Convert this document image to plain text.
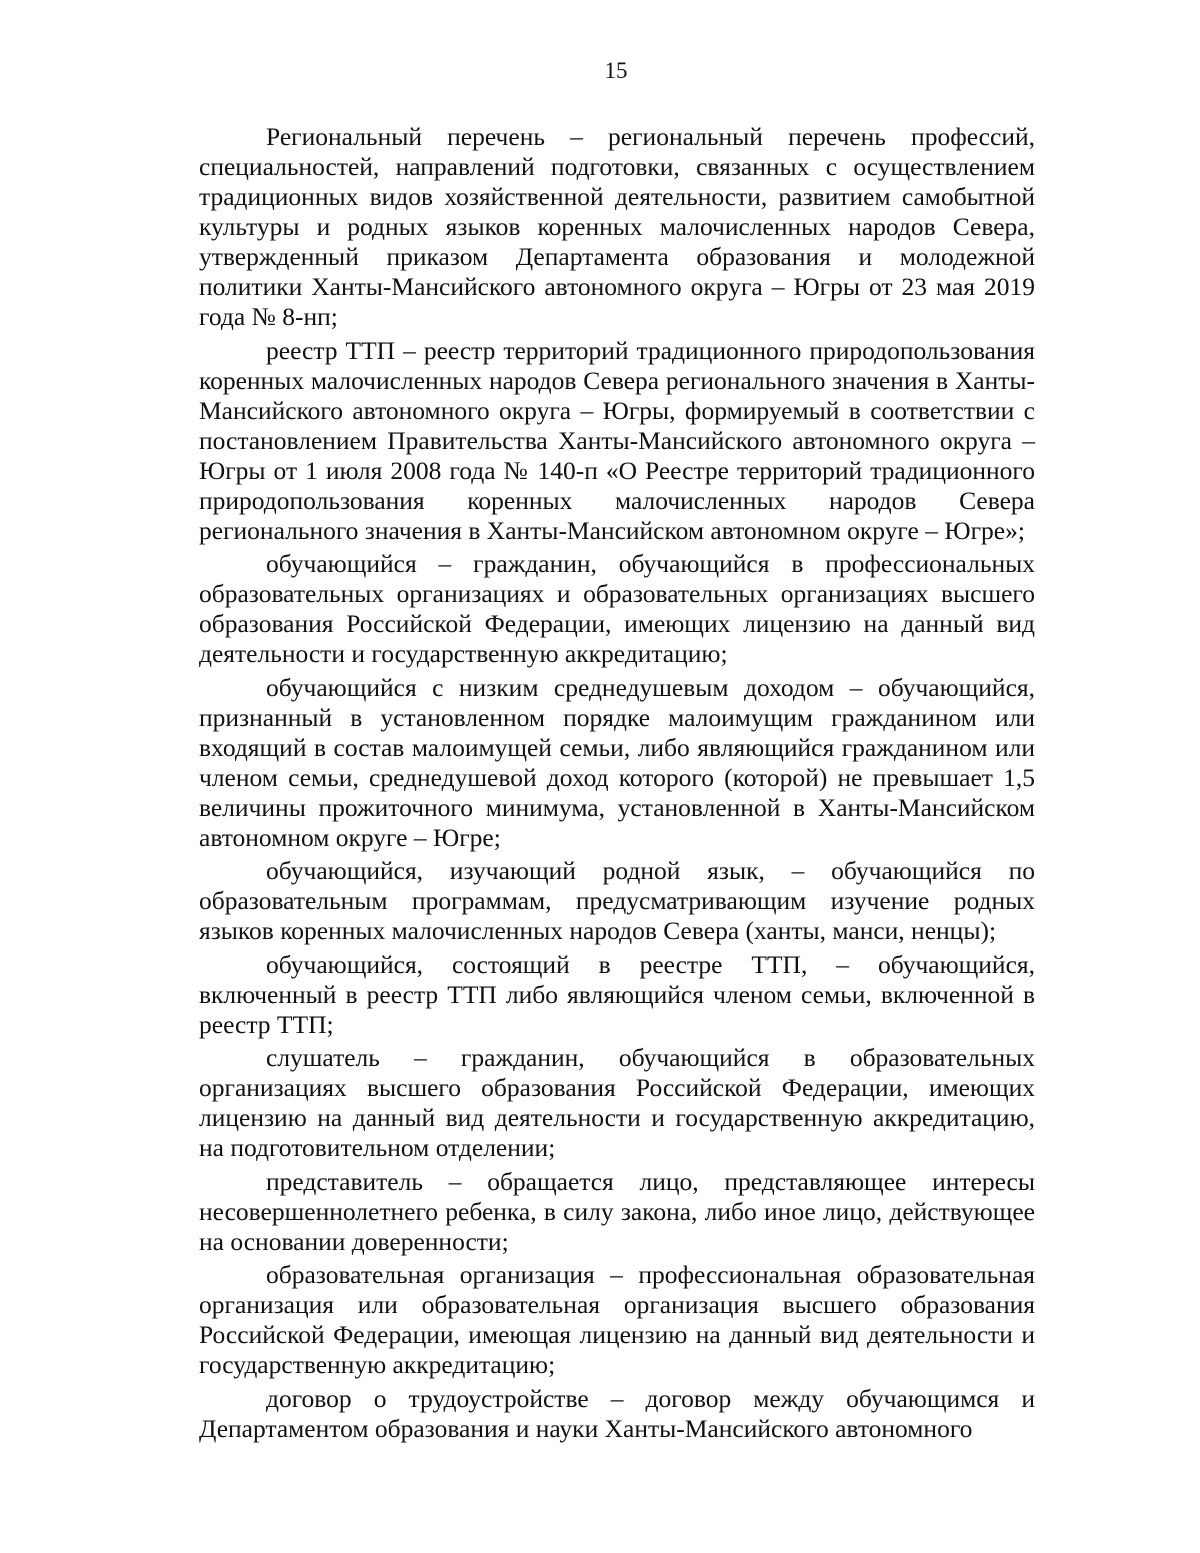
15

Региональный перечень – региональный перечень профессий, специальностей, направлений подготовки, связанных с осуществлением традиционных видов хозяйственной деятельности, развитием самобытной культуры и родных языков коренных малочисленных народов Севера, утвержденный приказом Департамента образования и молодежной политики Ханты-Мансийского автономного округа – Югры от 23 мая 2019 года № 8-нп;

реестр ТТП – реестр территорий традиционного природопользования коренных малочисленных народов Севера регионального значения в Ханты-Мансийского автономного округа – Югры, формируемый в соответствии с постановлением Правительства Ханты-Мансийского автономного округа – Югры от 1 июля 2008 года № 140-п «О Реестре территорий традиционного природопользования коренных малочисленных народов Севера регионального значения в Ханты-Мансийском автономном округе – Югре»;

обучающийся – гражданин, обучающийся в профессиональных образовательных организациях и образовательных организациях высшего образования Российской Федерации, имеющих лицензию на данный вид деятельности и государственную аккредитацию;

обучающийся с низким среднедушевым доходом – обучающийся, признанный в установленном порядке малоимущим гражданином или входящий в состав малоимущей семьи, либо являющийся гражданином или членом семьи, среднедушевой доход которого (которой) не превышает 1,5 величины прожиточного минимума, установленной в Ханты-Мансийском автономном округе – Югре;

обучающийся, изучающий родной язык, – обучающийся по образовательным программам, предусматривающим изучение родных языков коренных малочисленных народов Севера (ханты, манси, ненцы);

обучающийся, состоящий в реестре ТТП, – обучающийся, включенный в реестр ТТП либо являющийся членом семьи, включенной в реестр ТТП;

слушатель – гражданин, обучающийся в образовательных организациях высшего образования Российской Федерации, имеющих лицензию на данный вид деятельности и государственную аккредитацию, на подготовительном отделении;

представитель – обращается лицо, представляющее интересы несовершеннолетнего ребенка, в силу закона, либо иное лицо, действующее на основании доверенности;

образовательная организация – профессиональная образовательная организация или образовательная организация высшего образования Российской Федерации, имеющая лицензию на данный вид деятельности и государственную аккредитацию;

договор о трудоустройстве – договор между обучающимся и Департаментом образования и науки Ханты-Мансийского автономного
